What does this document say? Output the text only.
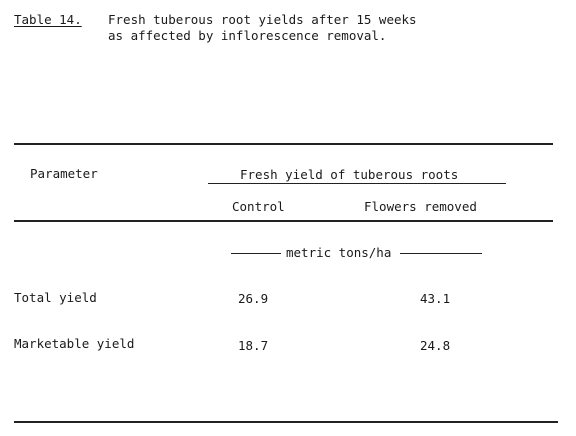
Table 14. Fresh tuberous root yields after 15 weeks
as affected by inflorescence removal.
Parameter	Fresh yield of tuberous roots
Control	Flowers removed
metric tons/ha
Total yield	26.9	43.1
Marketable yield	18.7	24.8
